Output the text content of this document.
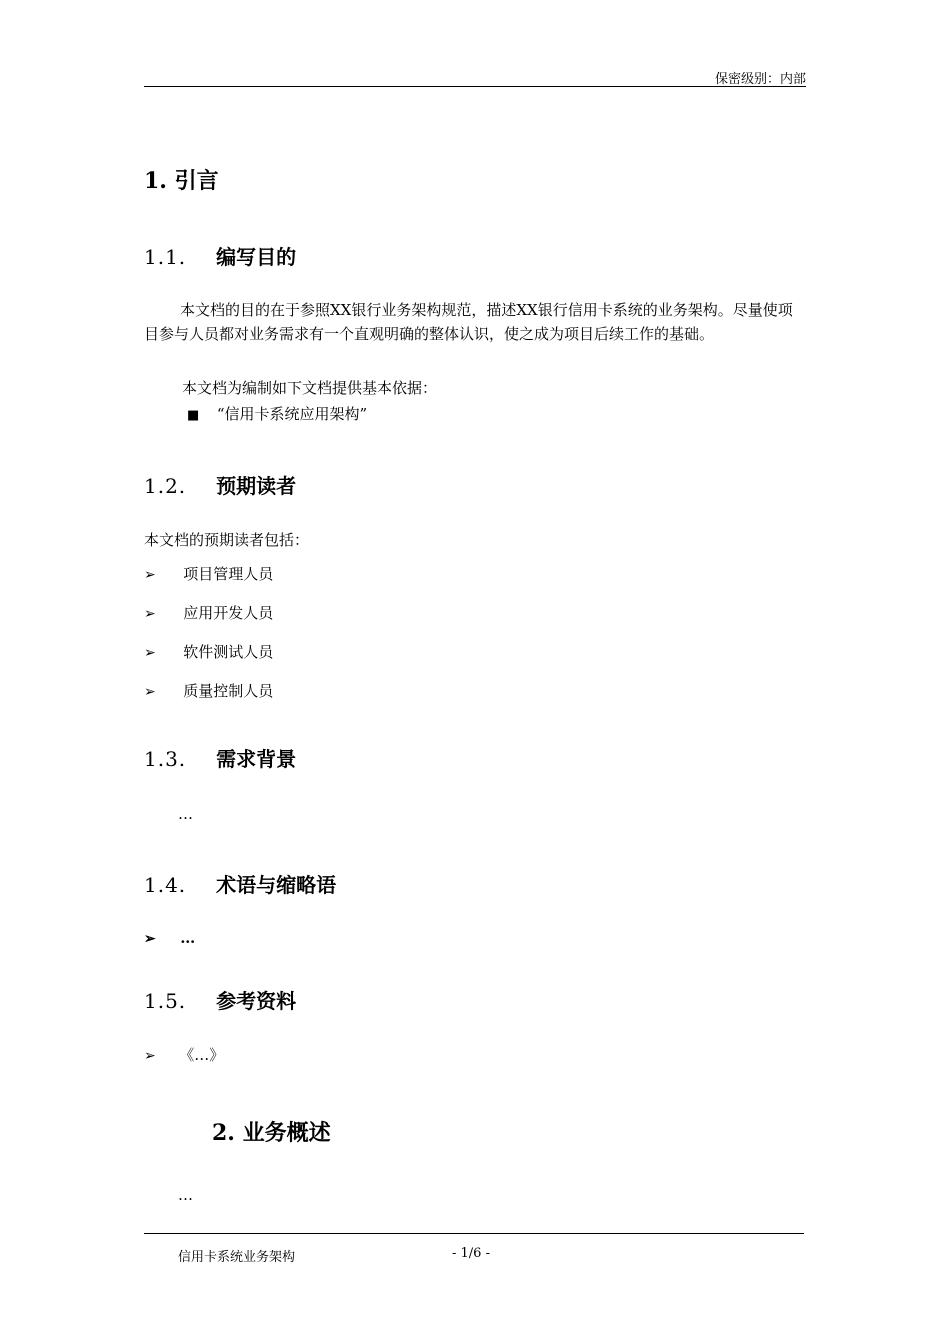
保密级别：内部
1. 引言
1.1. 编写目的
本文档的目的在于参照XX银行业务架构规范，描述XX银行信用卡系统的业务架构。尽量使项目参与人员都对业务需求有一个直观明确的整体认识，使之成为项目后续工作的基础。
本文档为编制如下文档提供基本依据：
■ “信用卡系统应用架构”
1.2. 预期读者
本文档的预期读者包括：
➢ 项目管理人员
➢ 应用开发人员
➢ 软件测试人员
➢ 质量控制人员
1.3. 需求背景
…
1.4. 术语与缩略语
➢ …
1.5. 参考资料
➢ 《…》
2. 业务概述
…
信用卡系统业务架构	- 1/6 -
